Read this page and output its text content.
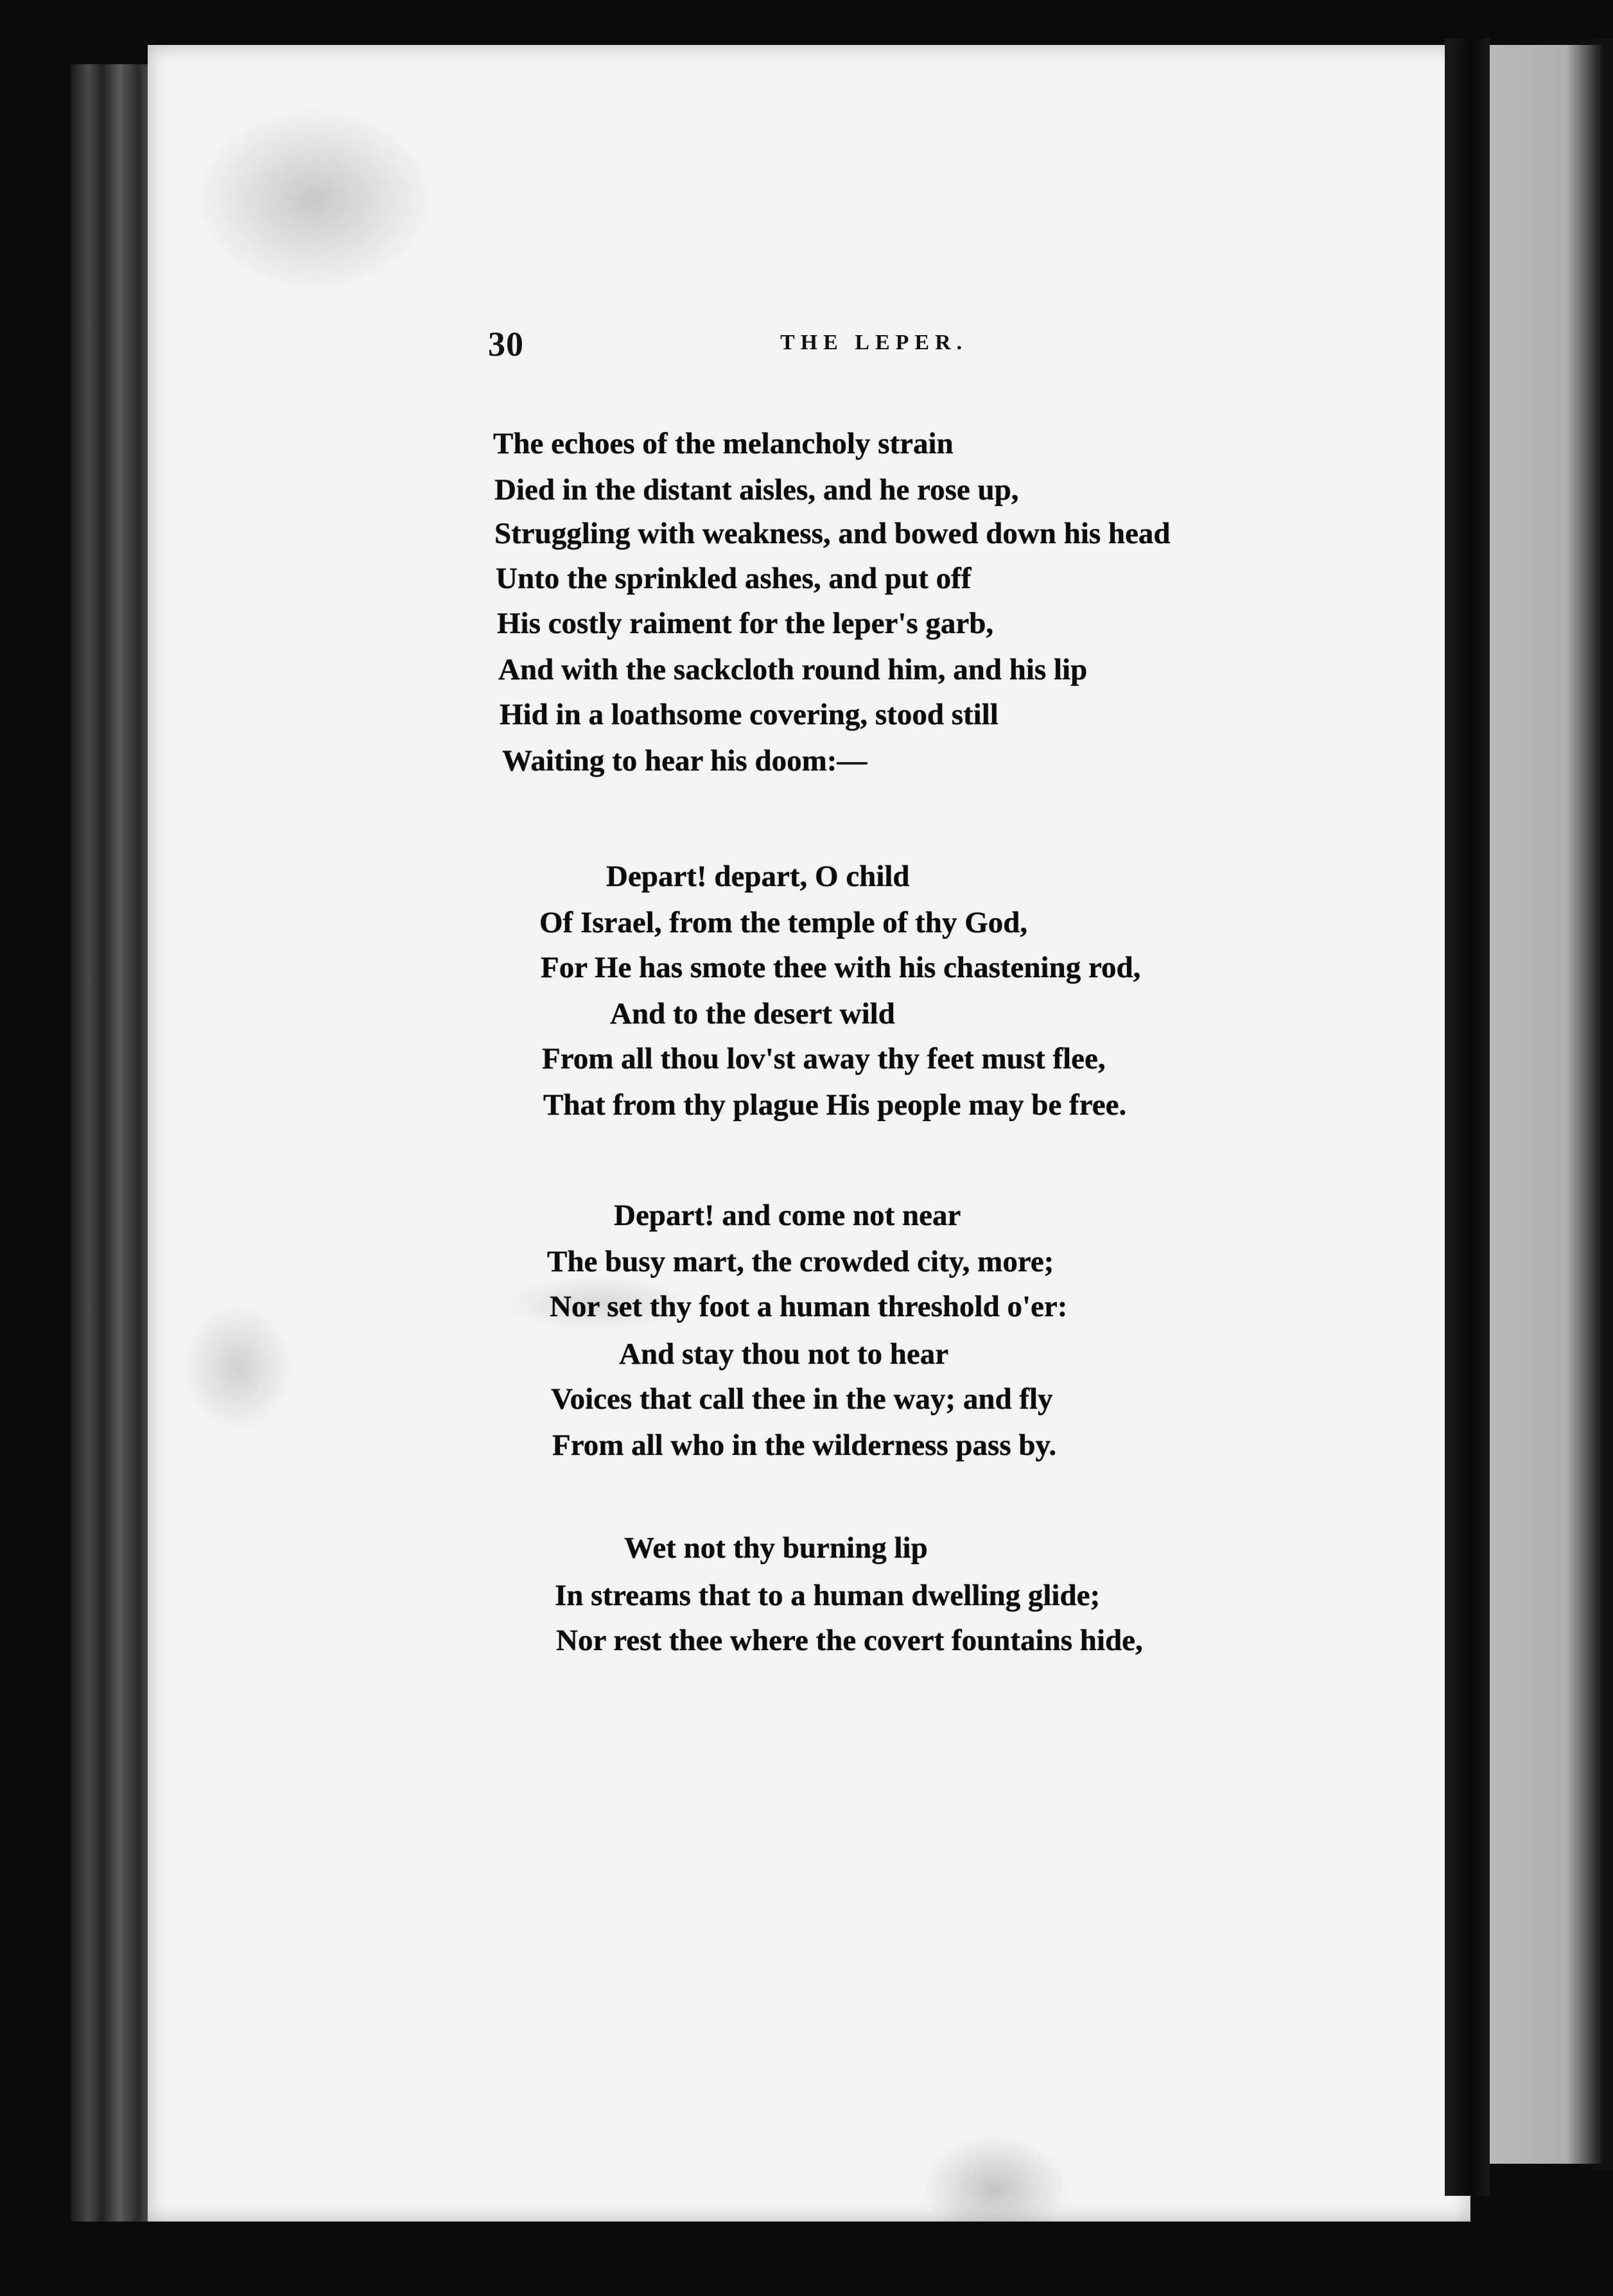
30	THE LEPER.
The echoes of the melancholy strain
Died in the distant aisles, and he rose up,
Struggling with weakness, and bowed down his head
Unto the sprinkled ashes, and put off
His costly raiment for the leper's garb,
And with the sackcloth round him, and his lip
Hid in a loathsome covering, stood still
Waiting to hear his doom:—
Depart! depart, O child
Of Israel, from the temple of thy God,
For He has smote thee with his chastening rod,
And to the desert wild
From all thou lov'st away thy feet must flee,
That from thy plague His people may be free.
Depart! and come not near
The busy mart, the crowded city, more;
Nor set thy foot a human threshold o'er:
And stay thou not to hear
Voices that call thee in the way; and fly
From all who in the wilderness pass by.
Wet not thy burning lip
In streams that to a human dwelling glide;
Nor rest thee where the covert fountains hide,
